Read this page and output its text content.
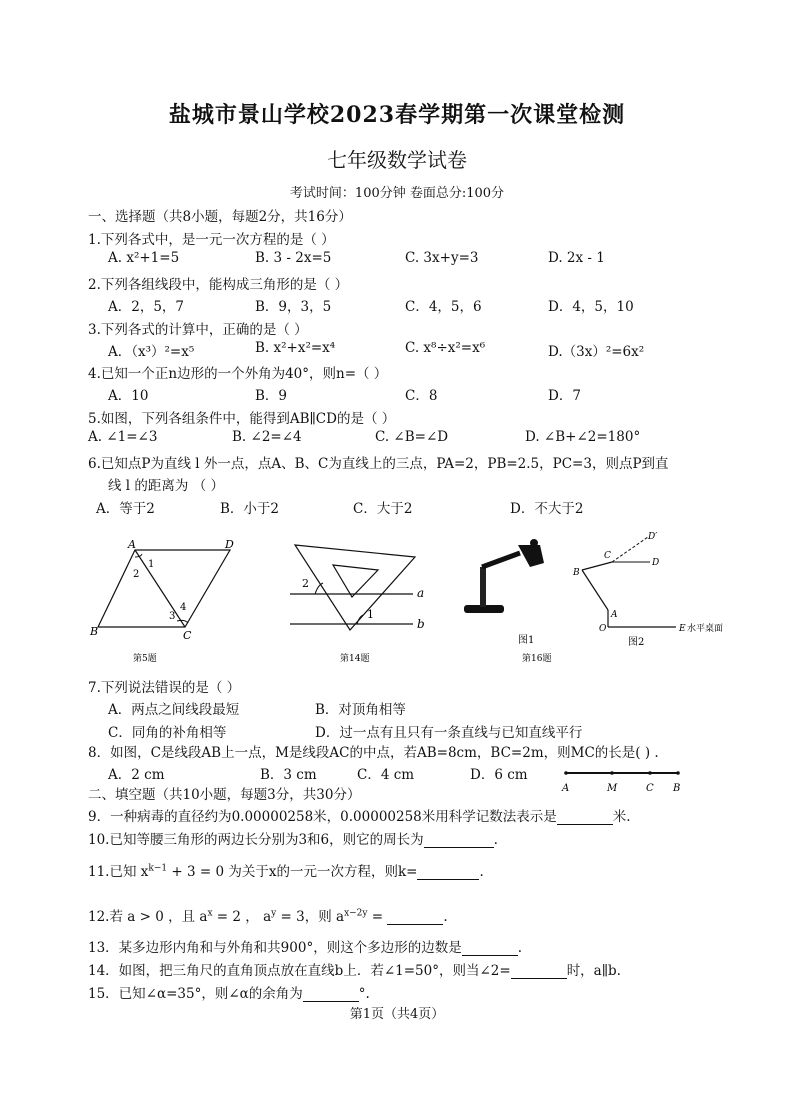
盐城市景山学校2023春学期第一次课堂检测
七年级数学试卷
考试时间：100分钟 卷面总分:100分
一、选择题（共8小题，每题2分，共16分）
1.下列各式中，是一元一次方程的是（ ）
A. x²+1=5	B. 3 - 2x=5	C. 3x+y=3	D. 2x - 1
2.下列各组线段中，能构成三角形的是（ ）
A．2，5，7	B．9，3，5	C．4，5，6	D．4，5，10
3.下列各式的计算中，正确的是（ ）
A．（x³）²=x⁵	B. x²+x²=x⁴	C. x⁸÷x²=x⁶	D.（3x）²=6x²
4.已知一个正n边形的一个外角为40°，则n=（ ）
A．10	B．9	C．8	D．7
5.如图，下列各组条件中，能得到AB∥CD的是（ ）
A. ∠1=∠3	B. ∠2=∠4	C. ∠B=∠D	D. ∠B+∠2=180°
6.已知点P为直线 l 外一点，点A、B、C为直线上的三点，PA=2，PB=2.5，PC=3，则点P到直
线 l 的距离为 （ ）
A．等于2	B．小于2	C．大于2	D．不大于2
A	D
B	C
1
2
3
4
第5题
2
1
a
b
第14题
图1
第16题
O
A
B
C
D
D′
E 水平桌面
图2
7.下列说法错误的是（ ）
A．两点之间线段最短	B．对顶角相等
C．同角的补角相等	D．过一点有且只有一条直线与已知直线平行
8．如图，C是线段AB上一点，M是线段AC的中点，若AB=8cm，BC=2m，则MC的长是( ) .
A．2 cm	B．3 cm	C．4 cm	D．6 cm
A	M	C B
二、填空题（共10小题，每题3分，共30分）
9．一种病毒的直径约为0.00000258米，0.00000258米用科学记数法表示是	米.
10.已知等腰三角形的两边长分别为3和6，则它的周长为	.
11.已知 $x^{k-1} + 3 = 0$ 为关于x的一元一次方程，则k=	.
12.若 a > 0 ，且 $a^x = 2$ ， $a^y = 3$，则 $a^{x-2y}$ =	.
13．某多边形内角和与外角和共900°，则这个多边形的边数是	.
14．如图，把三角尺的直角顶点放在直线b上．若∠1=50°，则当∠2=	时，a∥b.
15．已知∠α=35°，则∠α的余角为	°.
第1页（共4页）
